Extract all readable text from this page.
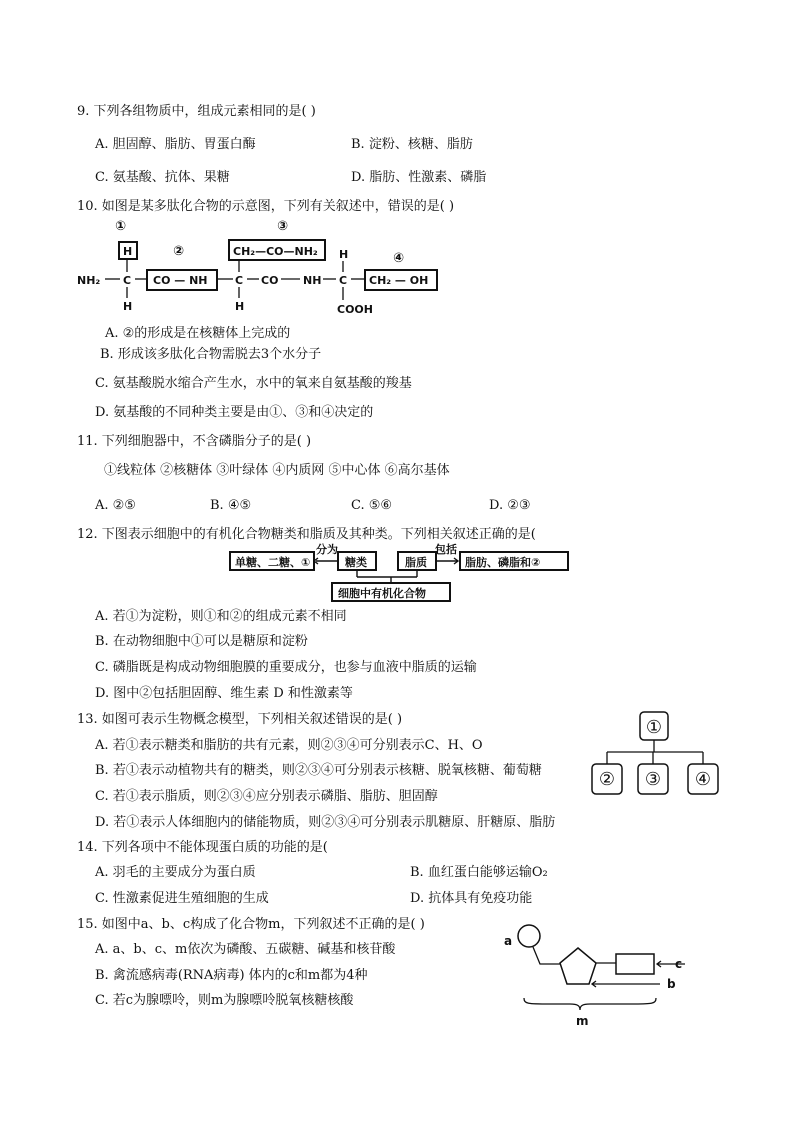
9. 下列各组物质中，组成元素相同的是( )
A. 胆固醇、脂肪、胃蛋白酶	B. 淀粉、核糖、脂肪
C. 氨基酸、抗体、果糖	D. 脂肪、性激素、磷脂
10. 如图是某多肽化合物的示意图，下列有关叙述中，错误的是( )
①
②
③
④
NH₂ C
H
H
CO — NH	C
H
CO NH C
H
CH₂—CO—NH₂
CH₂ — OH
COOH
A. ②的形成是在核糖体上完成的
B. 形成该多肽化合物需脱去3个水分子
C. 氨基酸脱水缩合产生水，水中的氧来自氨基酸的羧基
D. 氨基酸的不同种类主要是由①、③和④决定的
11. 下列细胞器中，不含磷脂分子的是( )
①线粒体 ②核糖体 ③叶绿体 ④内质网 ⑤中心体 ⑥高尔基体
A. ②⑤	B. ④⑤	C. ⑤⑥	D. ②③
12. 下图表示细胞中的有机化合物糖类和脂质及其种类。下列相关叙述正确的是(
单糖、二糖、①
分为
糖类	脂质
包括
脂肪、磷脂和②
细胞中有机化合物
A. 若①为淀粉，则①和②的组成元素不相同
B. 在动物细胞中①可以是糖原和淀粉
C. 磷脂既是构成动物细胞膜的重要成分，也参与血液中脂质的运输
D. 图中②包括胆固醇、维生素 D 和性激素等
13. 如图可表示生物概念模型，下列相关叙述错误的是( )
A. 若①表示糖类和脂肪的共有元素，则②③④可分别表示C、H、O
B. 若①表示动植物共有的糖类，则②③④可分别表示核糖、脱氧核糖、葡萄糖
C. 若①表示脂质，则②③④应分别表示磷脂、脂肪、胆固醇
D. 若①表示人体细胞内的储能物质，则②③④可分别表示肌糖原、肝糖原、脂肪
①
② ③ ④
14. 下列各项中不能体现蛋白质的功能的是(
A. 羽毛的主要成分为蛋白质	B. 血红蛋白能够运输O₂
C. 性激素促进生殖细胞的生成	D. 抗体具有免疫功能
15. 如图中a、b、c构成了化合物m，下列叙述不正确的是( )
A. a、b、c、m依次为磷酸、五碳糖、碱基和核苷酸
B. 禽流感病毒(RNA病毒) 体内的c和m都为4种
C. 若c为腺嘌呤，则m为腺嘌呤脱氧核糖核酸
a
c
b
m
